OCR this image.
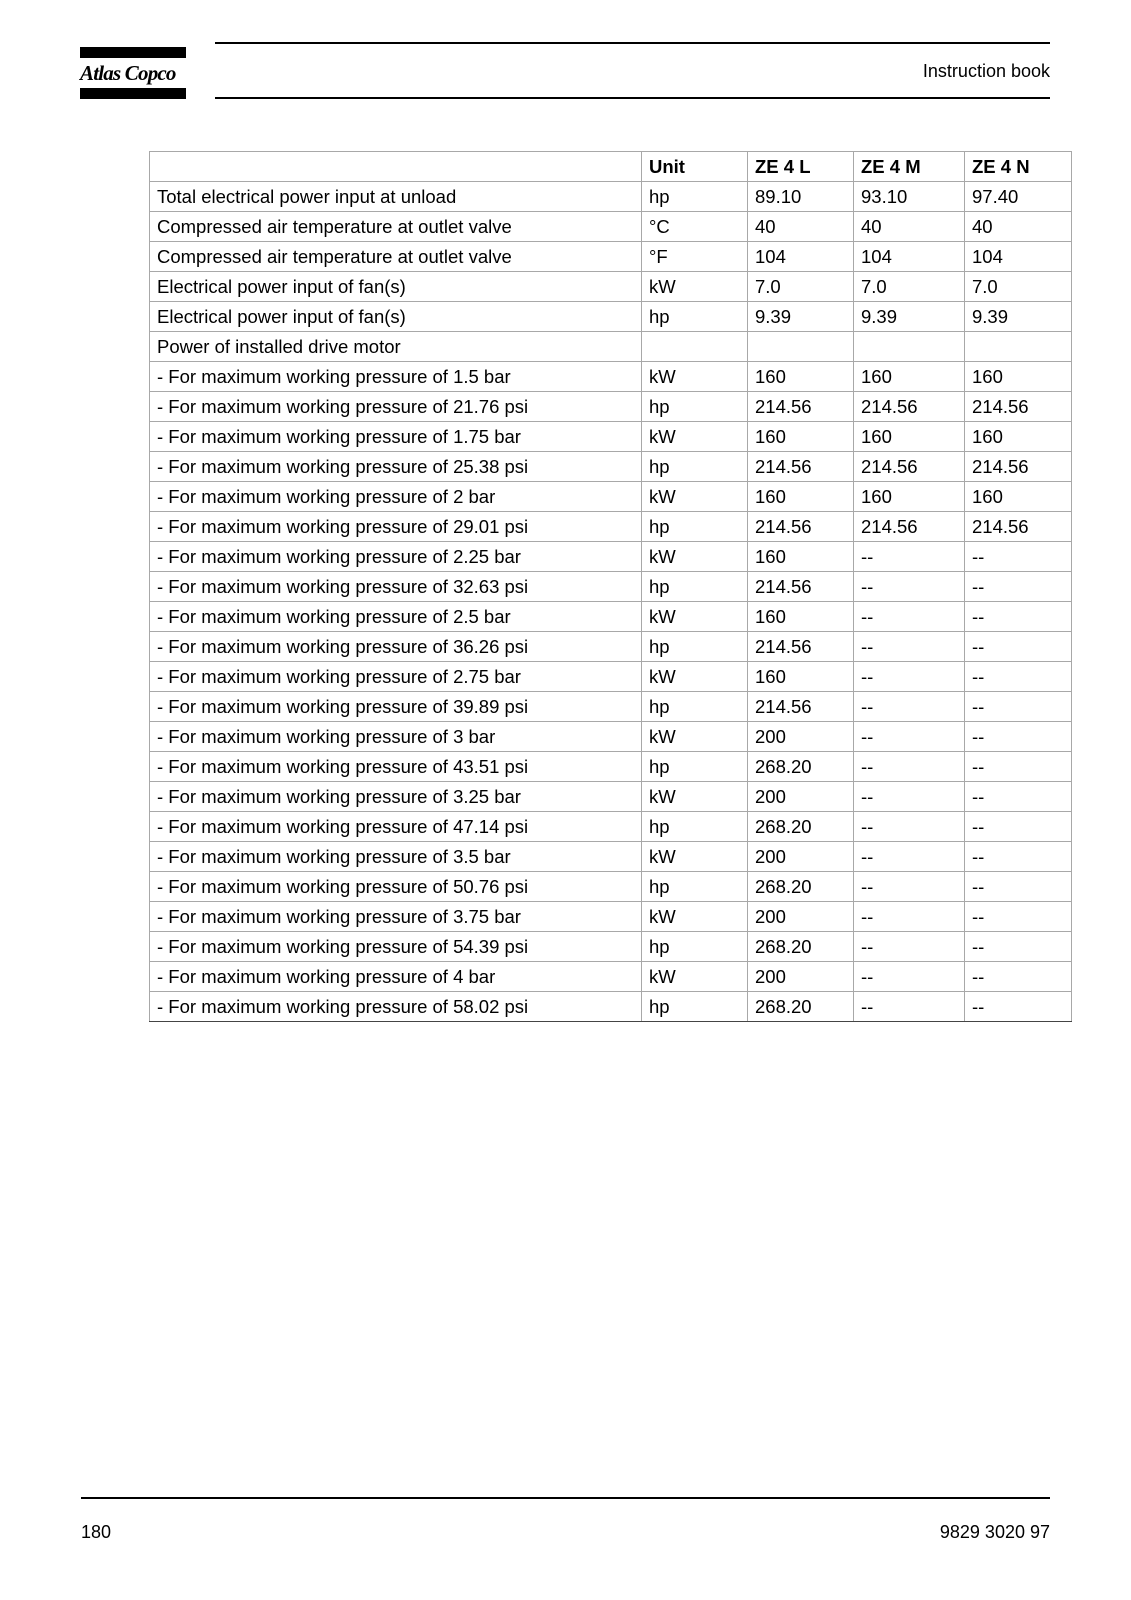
Atlas Copco	Instruction book
	Unit	ZE 4 L	ZE 4 M	ZE 4 N
Total electrical power input at unload	hp	89.10	93.10	97.40
Compressed air temperature at outlet valve	°C	40	40	40
Compressed air temperature at outlet valve	°F	104	104	104
Electrical power input of fan(s)	kW	7.0	7.0	7.0
Electrical power input of fan(s)	hp	9.39	9.39	9.39
Power of installed drive motor				
- For maximum working pressure of 1.5 bar	kW	160	160	160
- For maximum working pressure of 21.76 psi	hp	214.56	214.56	214.56
- For maximum working pressure of 1.75 bar	kW	160	160	160
- For maximum working pressure of 25.38 psi	hp	214.56	214.56	214.56
- For maximum working pressure of 2 bar	kW	160	160	160
- For maximum working pressure of 29.01 psi	hp	214.56	214.56	214.56
- For maximum working pressure of 2.25 bar	kW	160	--	--
- For maximum working pressure of 32.63 psi	hp	214.56	--	--
- For maximum working pressure of 2.5 bar	kW	160	--	--
- For maximum working pressure of 36.26 psi	hp	214.56	--	--
- For maximum working pressure of 2.75 bar	kW	160	--	--
- For maximum working pressure of 39.89 psi	hp	214.56	--	--
- For maximum working pressure of 3 bar	kW	200	--	--
- For maximum working pressure of 43.51 psi	hp	268.20	--	--
- For maximum working pressure of 3.25 bar	kW	200	--	--
- For maximum working pressure of 47.14 psi	hp	268.20	--	--
- For maximum working pressure of 3.5 bar	kW	200	--	--
- For maximum working pressure of 50.76 psi	hp	268.20	--	--
- For maximum working pressure of 3.75 bar	kW	200	--	--
- For maximum working pressure of 54.39 psi	hp	268.20	--	--
- For maximum working pressure of 4 bar	kW	200	--	--
- For maximum working pressure of 58.02 psi	hp	268.20	--	--
180	9829 3020 97
